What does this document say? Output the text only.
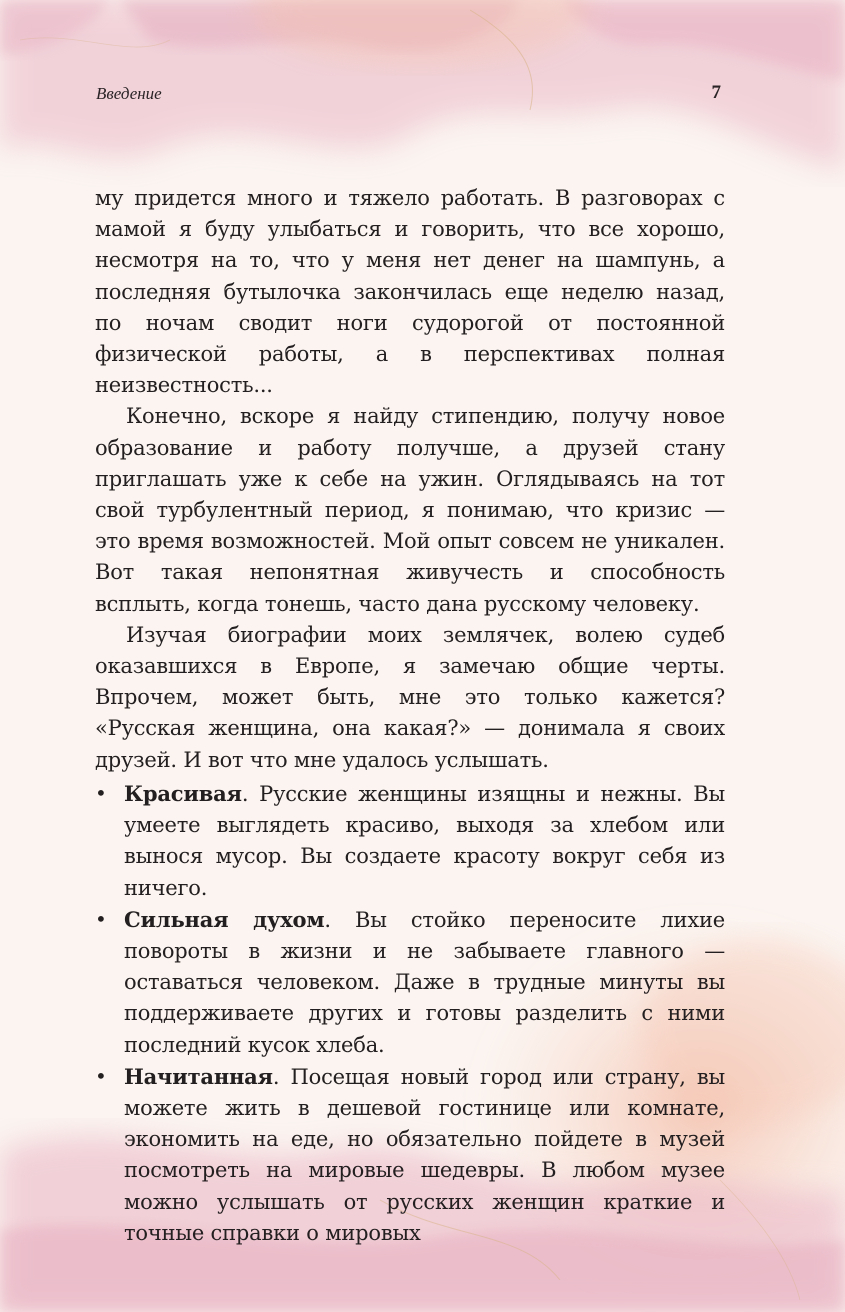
Введение	7

му придется много и тяжело работать. В разговорах с мамой я буду улыбаться и говорить, что все хорошо, несмотря на то, что у меня нет денег на шампунь, а последняя бутылочка закончилась еще неделю назад, по ночам сводит ноги судорогой от постоянной физической работы, а в перспективах полная неизвестность...

Конечно, вскоре я найду стипендию, получу новое образование и работу получше, а друзей стану приглашать уже к себе на ужин. Оглядываясь на тот свой турбулентный период, я понимаю, что кризис — это время возможностей. Мой опыт совсем не уникален. Вот такая непонятная живучесть и способность всплыть, когда тонешь, часто дана русскому человеку.

Изучая биографии моих землячек, волею судеб оказавшихся в Европе, я замечаю общие черты. Впрочем, может быть, мне это только кажется? «Русская женщина, она какая?» — донимала я своих друзей. И вот что мне удалось услышать.

• Красивая. Русские женщины изящны и нежны. Вы умеете выглядеть красиво, выходя за хлебом или вынося мусор. Вы создаете красоту вокруг себя из ничего.
• Сильная духом. Вы стойко переносите лихие повороты в жизни и не забываете главного — оставаться человеком. Даже в трудные минуты вы поддерживаете других и готовы разделить с ними последний кусок хлеба.
• Начитанная. Посещая новый город или страну, вы можете жить в дешевой гостинице или комнате, экономить на еде, но обязательно пойдете в музей посмотреть на мировые шедевры. В любом музее можно услышать от русских женщин краткие и точные справки о мировых
